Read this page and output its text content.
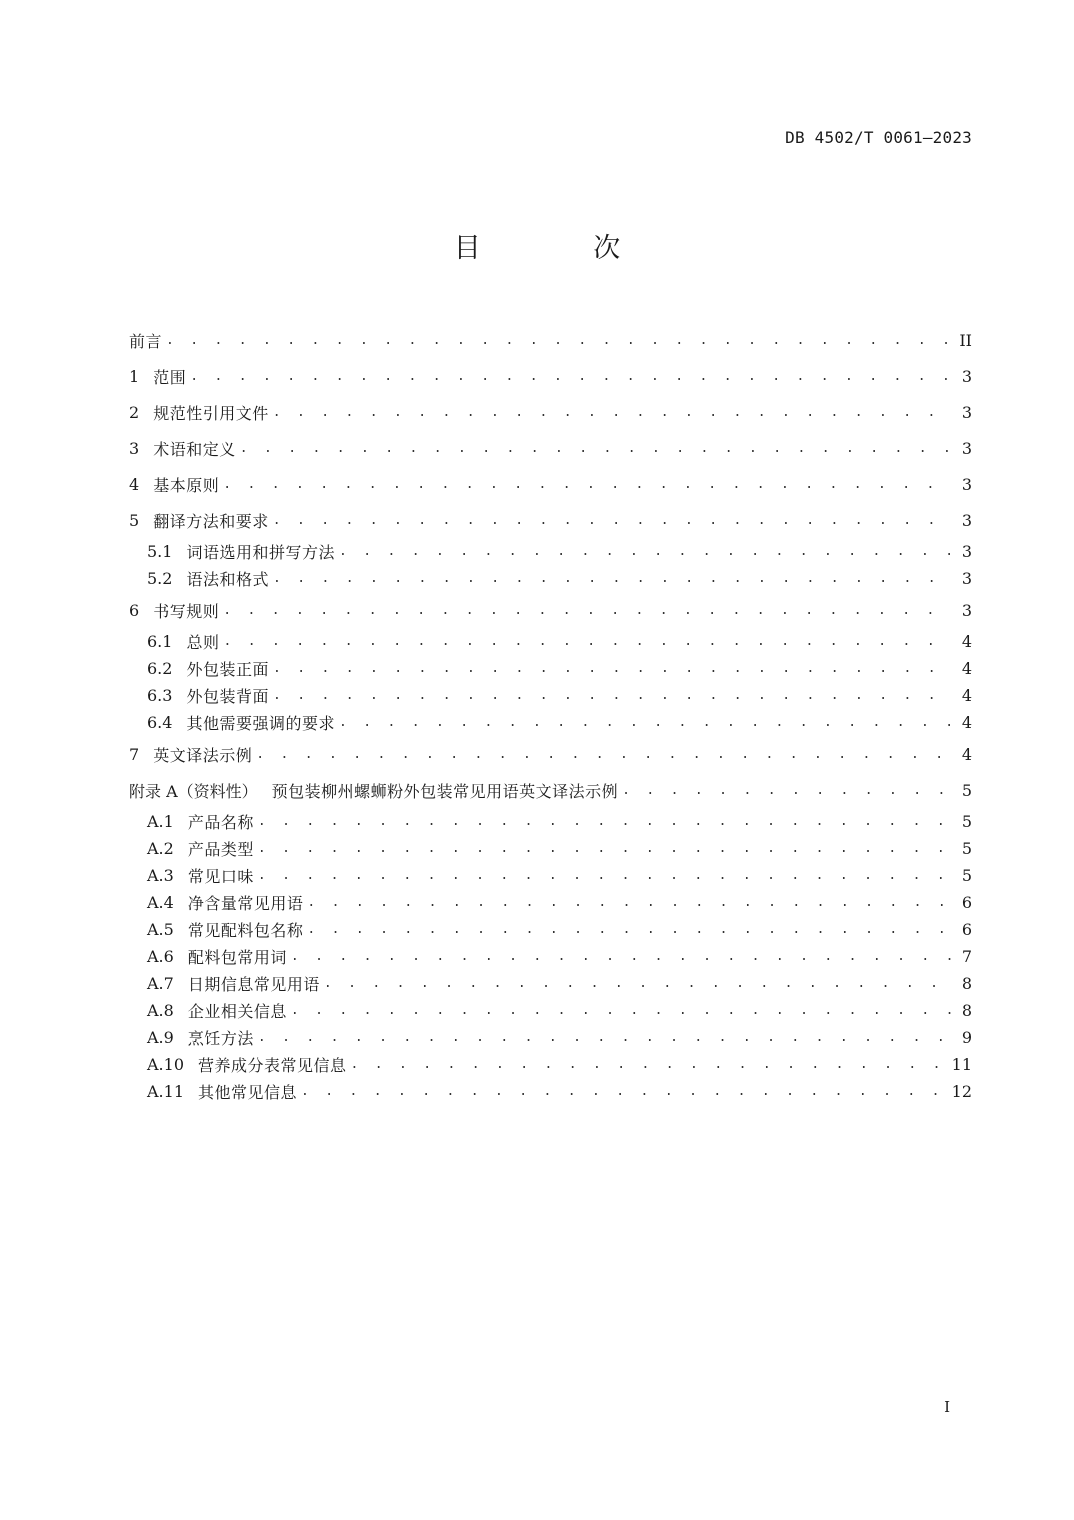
DB 4502/T 0061—2023
目 次
前言 . . .	II
1 范围 . . .	3
2 规范性引用文件 . . .	3
3 术语和定义 . . .	3
4 基本原则 . . .	3
5 翻译方法和要求 . . .	3
5.1 词语选用和拼写方法 . . .	3
5.2 语法和格式 . . .	3
6 书写规则 . . .	3
6.1 总则 . . .	4
6.2 外包装正面 . . .	4
6.3 外包装背面 . . .	4
6.4 其他需要强调的要求 . . .	4
7 英文译法示例 . . .	4
附录 A（资料性） 预包装柳州螺蛳粉外包装常见用语英文译法示例 . . .	5
A.1 产品名称 . . .	5
A.2 产品类型 . . .	5
A.3 常见口味 . . .	5
A.4 净含量常见用语 . . .	6
A.5 常见配料包名称 . . .	6
A.6 配料包常用词 . . .	7
A.7 日期信息常见用语 . . .	8
A.8 企业相关信息 . . .	8
A.9 烹饪方法 . . .	9
A.10 营养成分表常见信息 . . .	11
A.11 其他常见信息 . . .	12
I
